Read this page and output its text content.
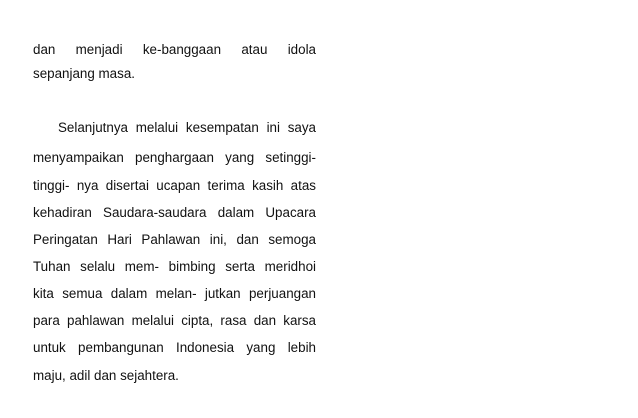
dan menjadi ke-banggaan atau idola
sepanjang masa.
Selanjutnya melalui kesempatan ini saya
menyampaikan penghargaan yang setinggi-
tinggi- nya disertai ucapan terima kasih atas
kehadiran Saudara-saudara dalam Upacara
Peringatan Hari Pahlawan ini, dan semoga
Tuhan selalu mem- bimbing serta meridhoi
kita semua dalam melan- jutkan perjuangan
para pahlawan melalui cipta, rasa dan karsa
untuk pembangunan Indonesia yang lebih
maju, adil dan sejahtera.
